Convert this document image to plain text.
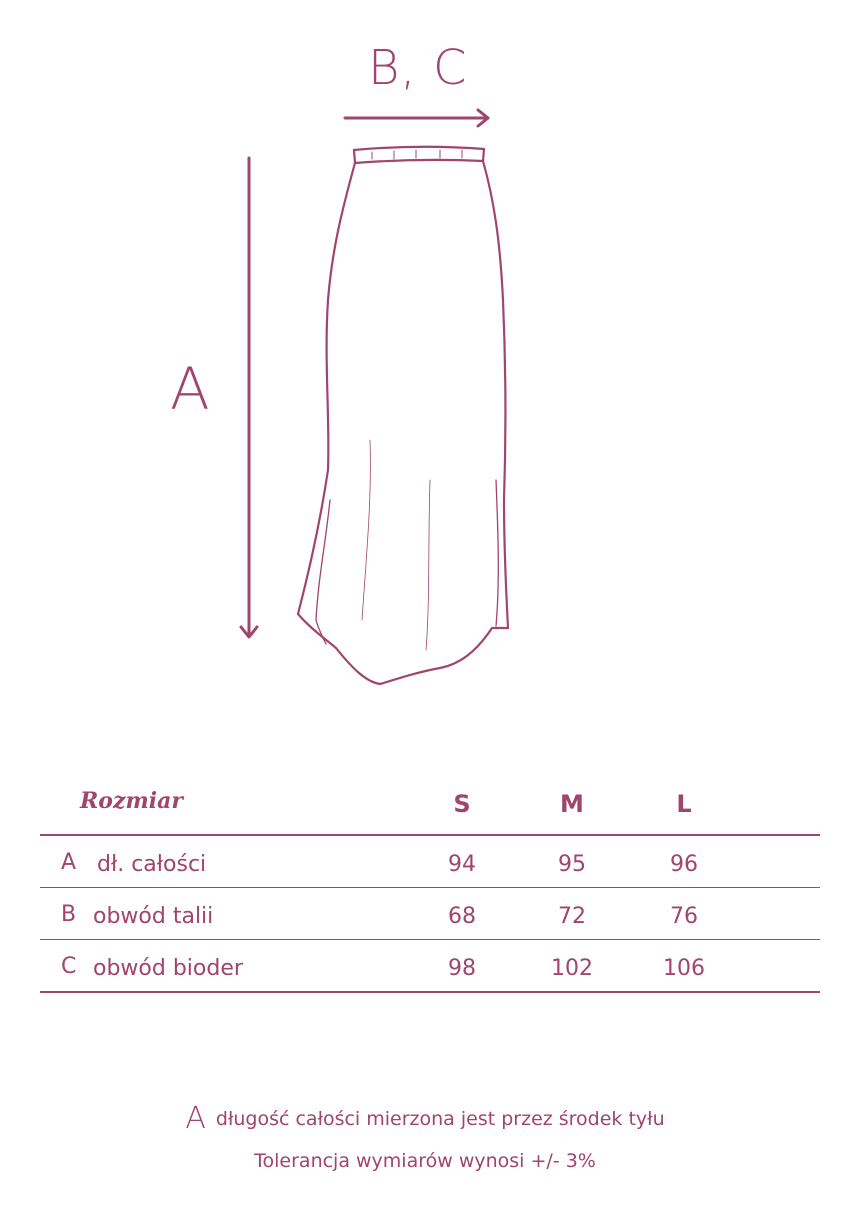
B, C
A
Rozmiar	S	M	L
A dł. całości	94	95	96
B obwód talii	68	72	76
C obwód bioder	98	102	106
Adługość całości mierzona jest przez środek tyłu
Tolerancja wymiarów wynosi +/- 3%
